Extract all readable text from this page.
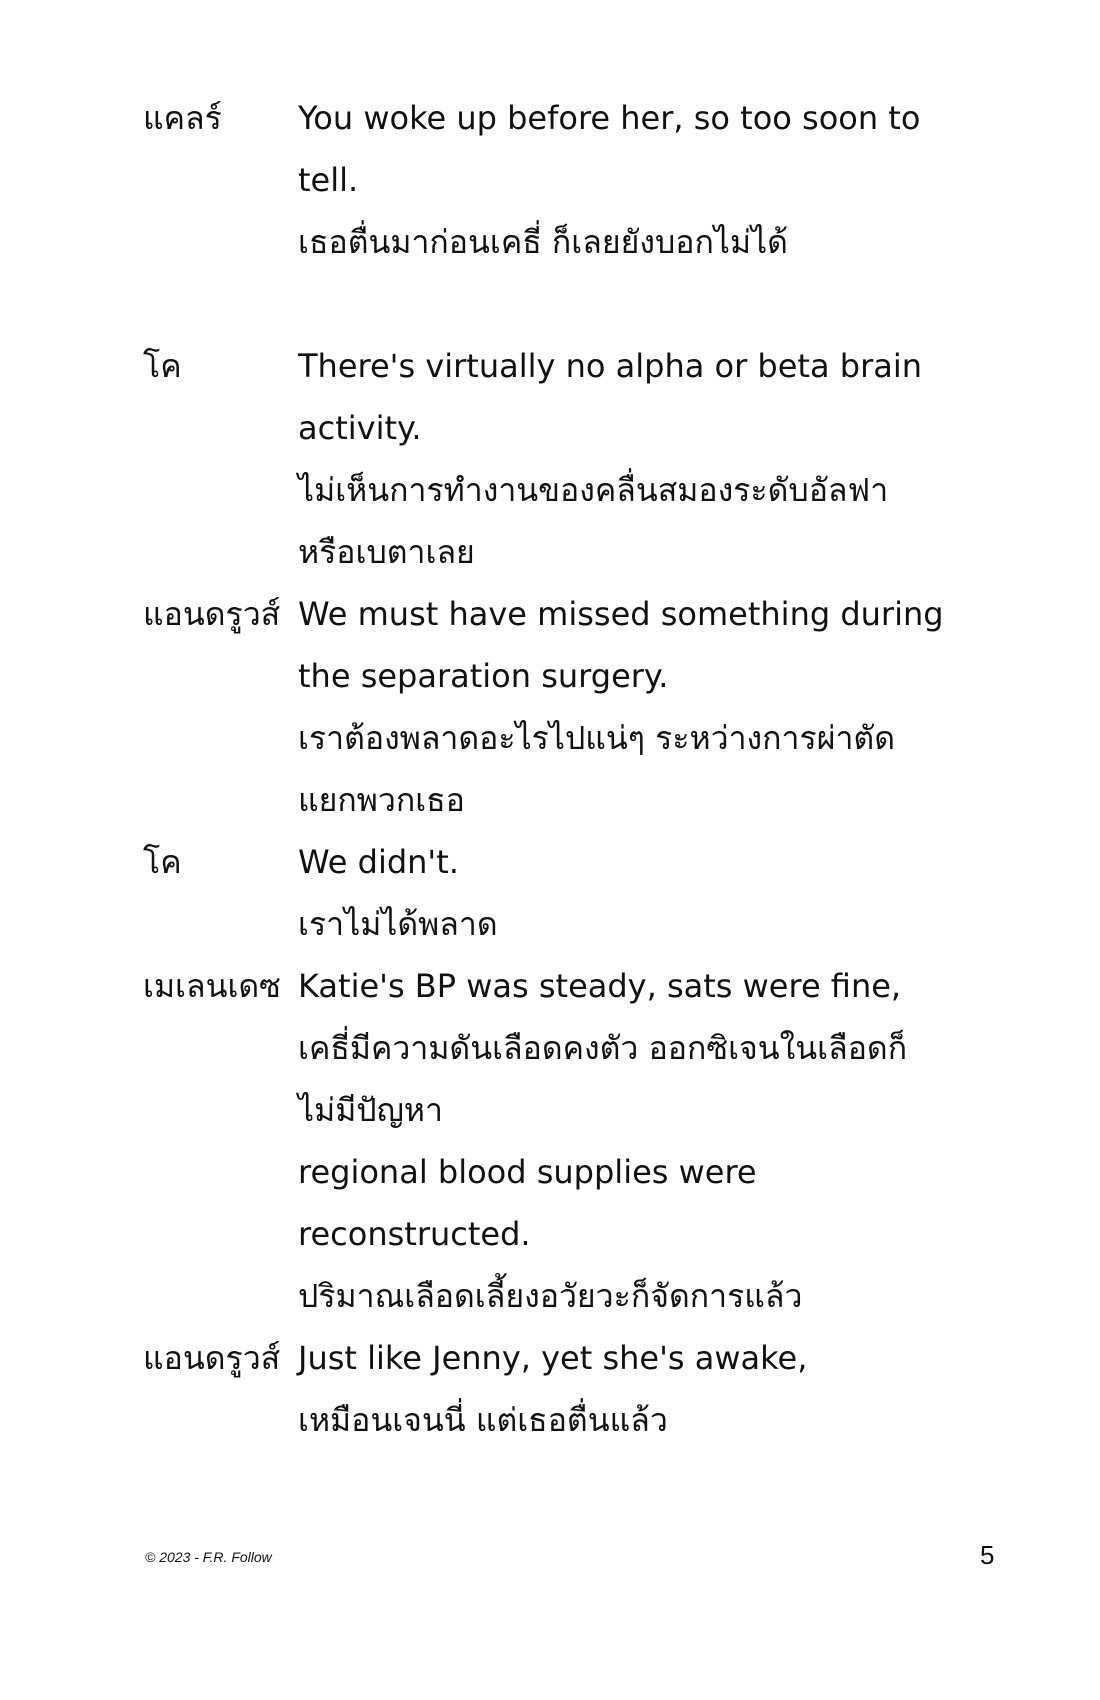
แคลร์ You woke up before her, so too soon to
tell.
เธอตื่นมาก่อนเคธี่ ก็เลยยังบอกไม่ได้
โค	There's virtually no alpha or beta brain
activity.
ไม่เห็นการทำงานของคลื่นสมองระดับอัลฟา
หรือเบตาเลย
แอนดรูวส์ We must have missed something during
the separation surgery.
เราต้องพลาดอะไรไปแน่ๆ ระหว่างการผ่าตัด
แยกพวกเธอ
โค	We didn't.
เราไม่ได้พลาด
เมเลนเดซ Katie's BP was steady, sats were fine,
เคธี่มีความดันเลือดคงตัว ออกซิเจนในเลือดก็
ไม่มีปัญหา
regional blood supplies were
reconstructed.
ปริมาณเลือดเลี้ยงอวัยวะก็จัดการแล้ว
แอนดรูวส์ Just like Jenny, yet she's awake,
เหมือนเจนนี่ แต่เธอตื่นแล้ว
© 2023 - F.R. Follow	5
